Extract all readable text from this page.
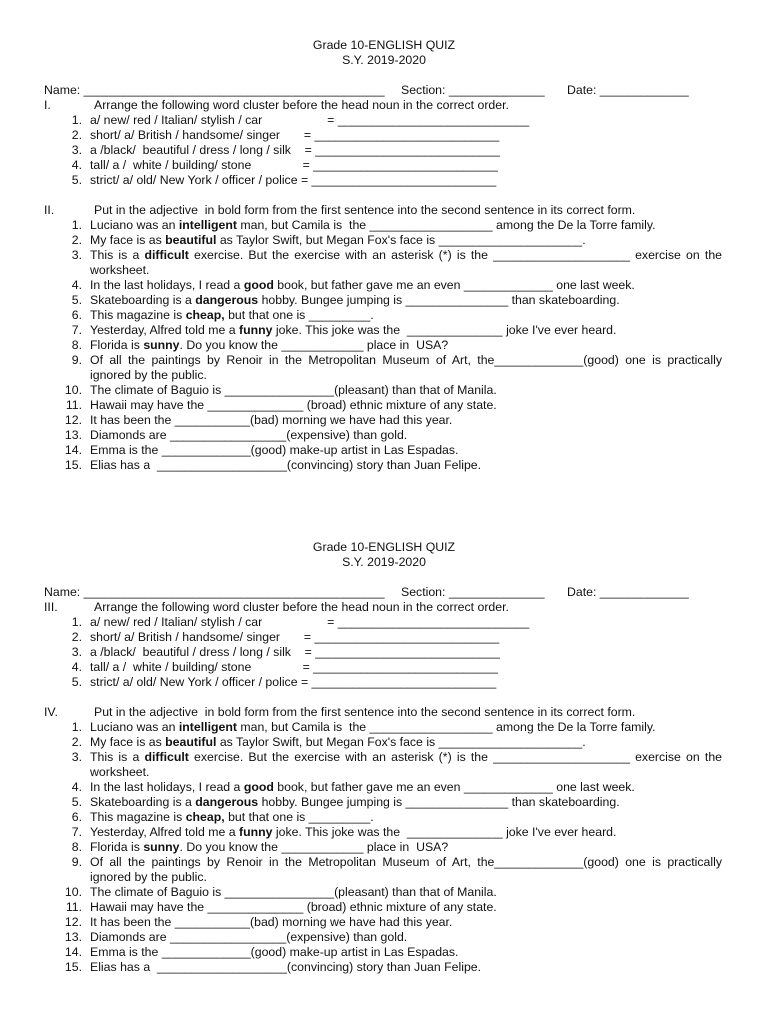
Grade 10-ENGLISH QUIZ
S.Y. 2019-2020
Name: ____________________________________________ Section: ______________ Date: _____________
I.	Arrange the following word cluster before the head noun in the correct order.
1. a/ new/ red / Italian/ stylish / car                   = ____________________________
2. short/ a/ British / handsome/ singer       = ___________________________
3. a /black/  beautiful / dress / long / silk    = ___________________________
4. tall/ a /  white / building/ stone               = ___________________________
5. strict/ a/ old/ New York / officer / police = ___________________________
II.	Put in the adjective  in bold form from the first sentence into the second sentence in its correct form.
1. Luciano was an intelligent man, but Camila is  the __________________ among the De la Torre family.
2. My face is as beautiful as Taylor Swift, but Megan Fox's face is _____________________.
3. This is a difficult exercise. But the exercise with an asterisk (*) is the ____________________ exercise on the worksheet.
4. In the last holidays, I read a good book, but father gave me an even _____________ one last week.
5. Skateboarding is a dangerous hobby. Bungee jumping is _______________ than skateboarding.
6. This magazine is cheap, but that one is _________.
7. Yesterday, Alfred told me a funny joke. This joke was the  ______________ joke I've ever heard.
8. Florida is sunny. Do you know the ____________ place in  USA?
9. Of all the paintings by Renoir in the Metropolitan Museum of Art, the_____________(good) one is practically ignored by the public.
10. The climate of Baguio is ________________(pleasant) than that of Manila.
11. Hawaii may have the ______________ (broad) ethnic mixture of any state.
12. It has been the ___________(bad) morning we have had this year.
13. Diamonds are _________________(expensive) than gold.
14. Emma is the _____________(good) make-up artist in Las Espadas.
15. Elias has a  ___________________(convincing) story than Juan Felipe.
Grade 10-ENGLISH QUIZ
S.Y. 2019-2020
Name: ____________________________________________ Section: ______________ Date: _____________
III.	Arrange the following word cluster before the head noun in the correct order.
1. a/ new/ red / Italian/ stylish / car                   = ____________________________
2. short/ a/ British / handsome/ singer       = ___________________________
3. a /black/  beautiful / dress / long / silk    = ___________________________
4. tall/ a /  white / building/ stone               = ___________________________
5. strict/ a/ old/ New York / officer / police = ___________________________
IV.	Put in the adjective  in bold form from the first sentence into the second sentence in its correct form.
1. Luciano was an intelligent man, but Camila is  the __________________ among the De la Torre family.
2. My face is as beautiful as Taylor Swift, but Megan Fox's face is _____________________.
3. This is a difficult exercise. But the exercise with an asterisk (*) is the ____________________ exercise on the worksheet.
4. In the last holidays, I read a good book, but father gave me an even _____________ one last week.
5. Skateboarding is a dangerous hobby. Bungee jumping is _______________ than skateboarding.
6. This magazine is cheap, but that one is _________.
7. Yesterday, Alfred told me a funny joke. This joke was the  ______________ joke I've ever heard.
8. Florida is sunny. Do you know the ____________ place in  USA?
9. Of all the paintings by Renoir in the Metropolitan Museum of Art, the_____________(good) one is practically ignored by the public.
10. The climate of Baguio is ________________(pleasant) than that of Manila.
11. Hawaii may have the ______________ (broad) ethnic mixture of any state.
12. It has been the ___________(bad) morning we have had this year.
13. Diamonds are _________________(expensive) than gold.
14. Emma is the _____________(good) make-up artist in Las Espadas.
15. Elias has a  ___________________(convincing) story than Juan Felipe.
